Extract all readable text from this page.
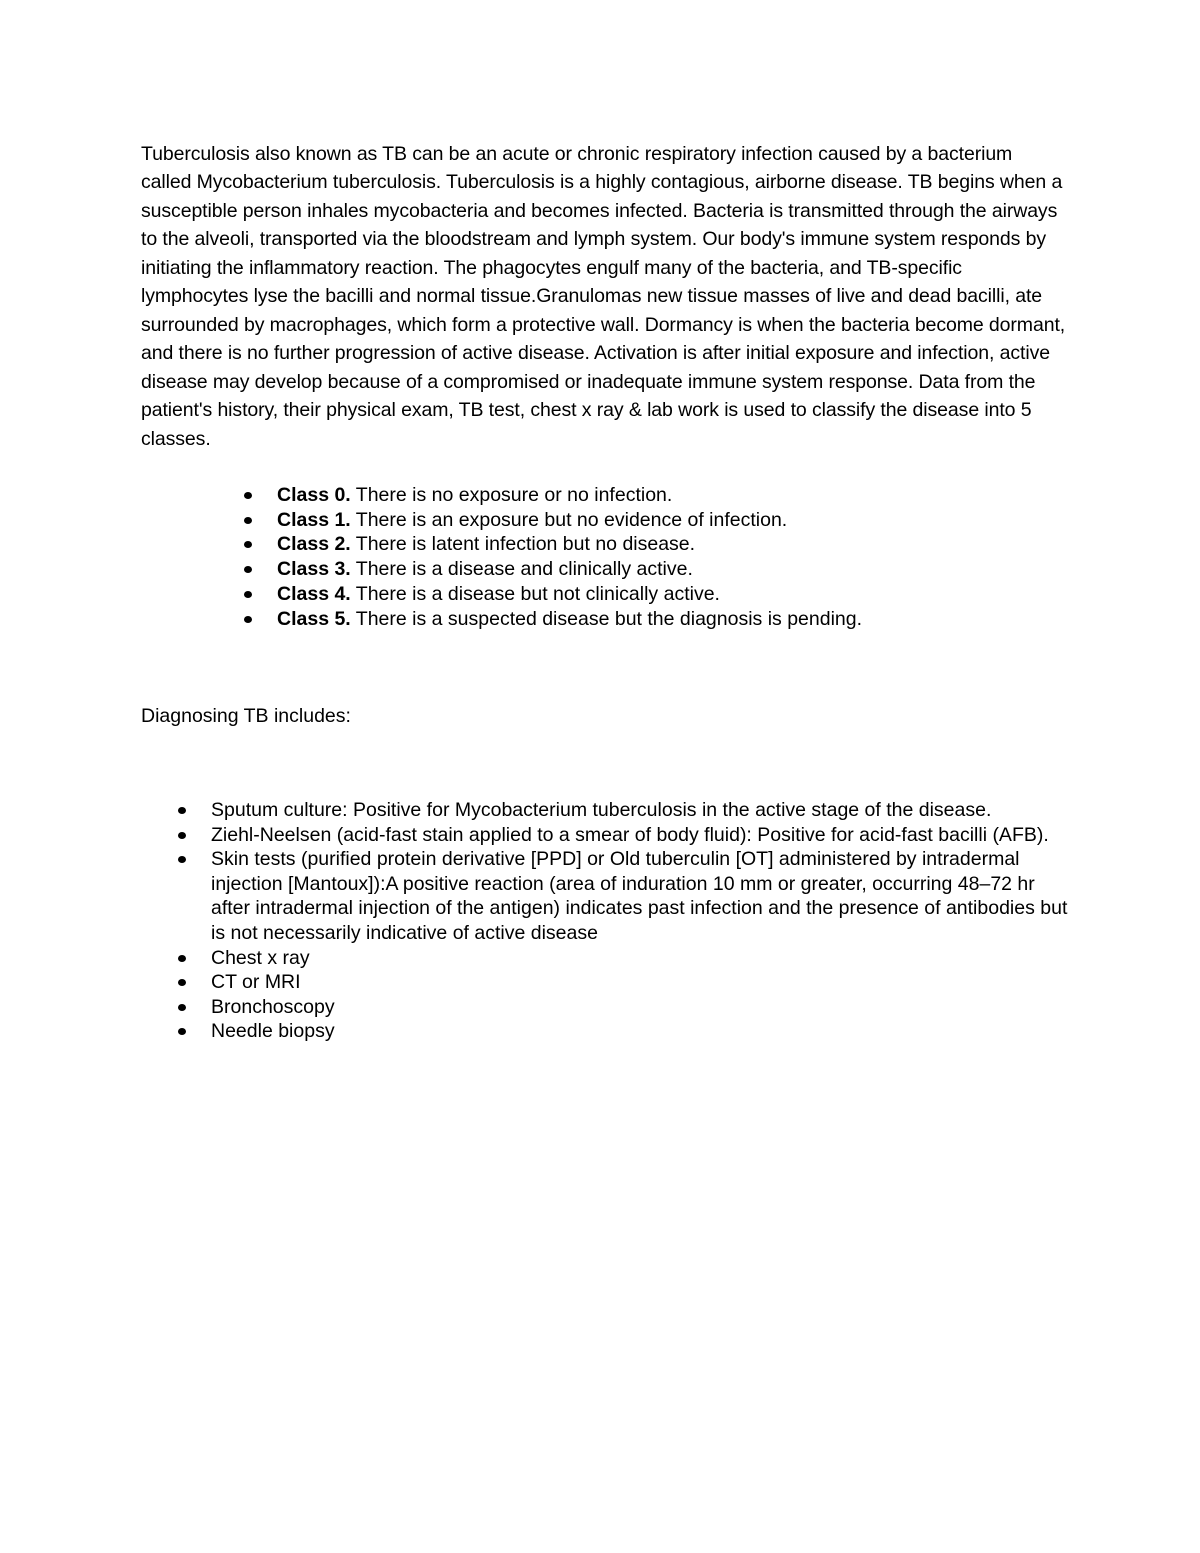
Tuberculosis also known as TB can be an acute or chronic respiratory infection caused by a bacterium called Mycobacterium tuberculosis. Tuberculosis is a highly contagious, airborne disease. TB begins when a susceptible person inhales mycobacteria and becomes infected. Bacteria is transmitted through the airways to the alveoli, transported via the bloodstream and lymph system. Our body's immune system responds by initiating the inflammatory reaction. The phagocytes engulf many of the bacteria, and TB-specific lymphocytes lyse the bacilli and normal tissue.Granulomas new tissue masses of live and dead bacilli, ate surrounded by macrophages, which form a protective wall. Dormancy is when the bacteria become dormant, and there is no further progression of active disease. Activation is after initial exposure and infection, active disease may develop because of a compromised or inadequate immune system response. Data from the patient's history, their physical exam, TB test, chest x ray & lab work is used to classify the disease into 5 classes.

Class 0. There is no exposure or no infection.
Class 1. There is an exposure but no evidence of infection.
Class 2. There is latent infection but no disease.
Class 3. There is a disease and clinically active.
Class 4. There is a disease but not clinically active.
Class 5. There is a suspected disease but the diagnosis is pending.

Diagnosing TB includes:

Sputum culture: Positive for Mycobacterium tuberculosis in the active stage of the disease.
Ziehl-Neelsen (acid-fast stain applied to a smear of body fluid): Positive for acid-fast bacilli (AFB).
Skin tests (purified protein derivative [PPD] or Old tuberculin [OT] administered by intradermal injection [Mantoux]):A positive reaction (area of induration 10 mm or greater, occurring 48–72 hr after intradermal injection of the antigen) indicates past infection and the presence of antibodies but is not necessarily indicative of active disease
Chest x ray
CT or MRI
Bronchoscopy
Needle biopsy
